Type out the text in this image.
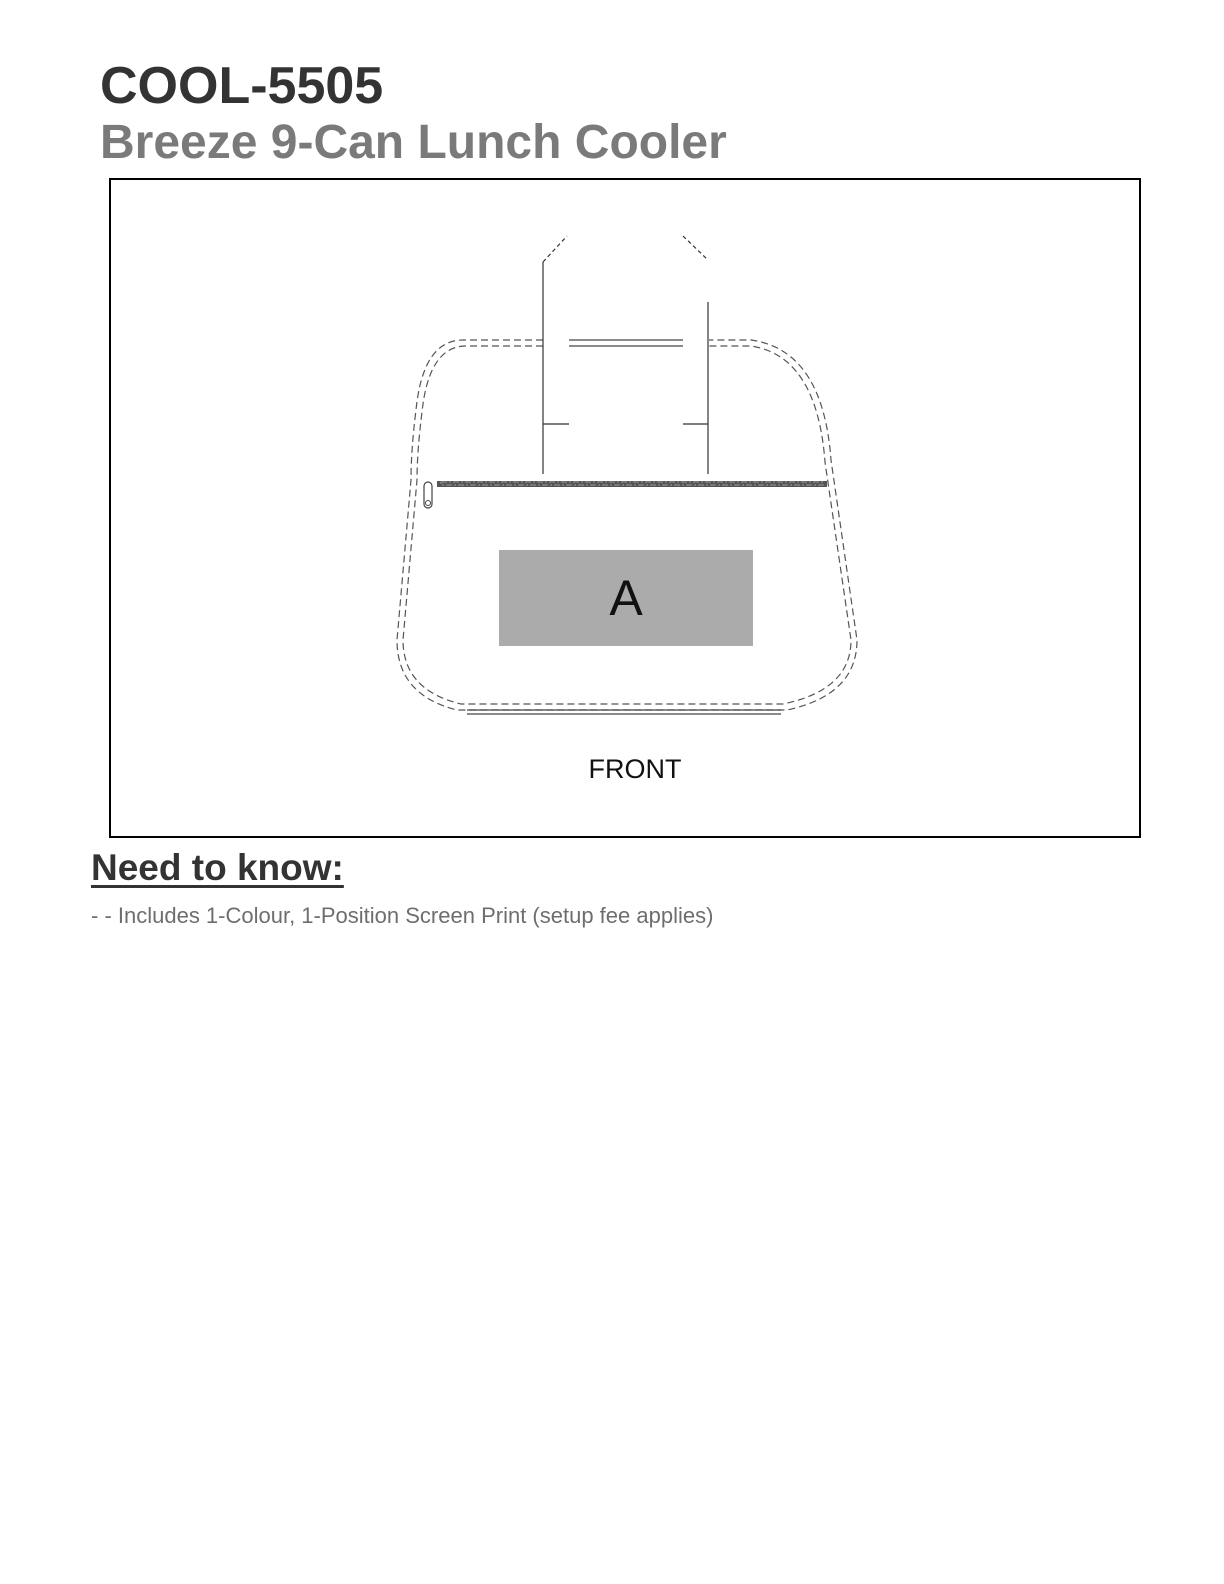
COOL-5505
Breeze 9-Can Lunch Cooler
A
FRONT
Need to know:

- - Includes 1-Colour, 1-Position Screen Print (setup fee applies)
